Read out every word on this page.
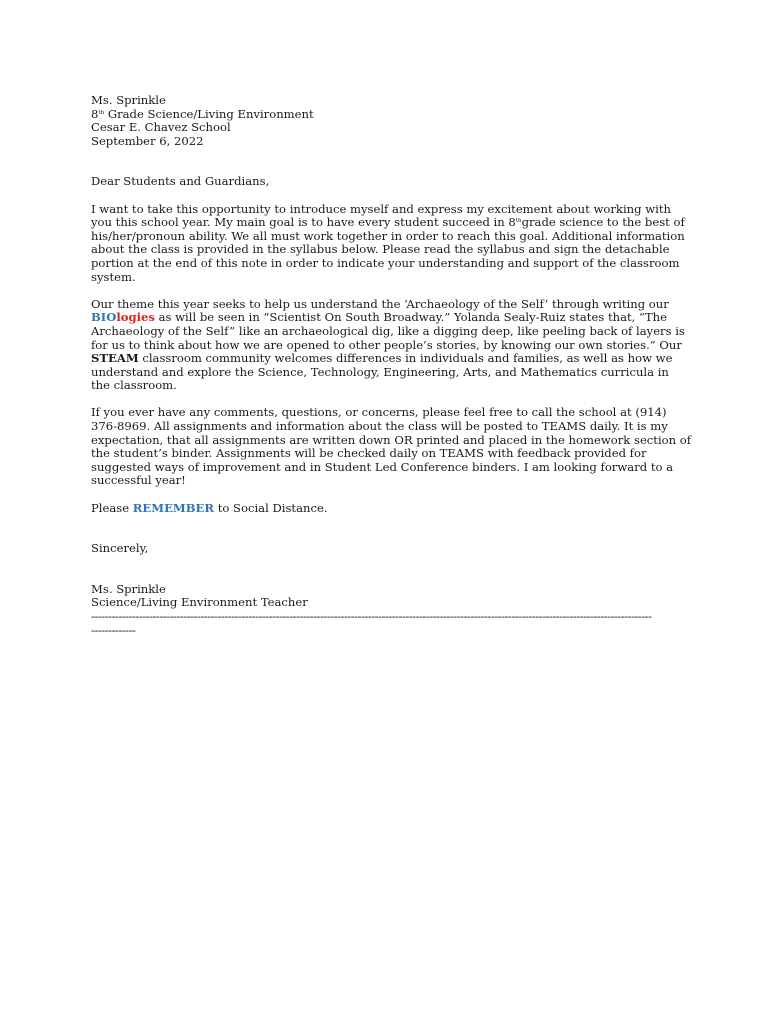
Ms. Sprinkle
8th Grade Science/Living Environment
Cesar E. Chavez School
September 6, 2022
Dear Students and Guardians,
I want to take this opportunity to introduce myself and express my excitement about working with
you this school year. My main goal is to have every student succeed in 8thgrade science to the best of
his/her/pronoun ability. We all must work together in order to reach this goal. Additional information
about the class is provided in the syllabus below. Please read the syllabus and sign the detachable
portion at the end of this note in order to indicate your understanding and support of the classroom
system.
Our theme this year seeks to help us understand the ‘Archaeology of the Self’ through writing our
BIOlogies as will be seen in “Scientist On South Broadway.” Yolanda Sealy-Ruiz states that, “The
Archaeology of the Self” like an archaeological dig, like a digging deep, like peeling back of layers is
for us to think about how we are opened to other people’s stories, by knowing our own stories.” Our
STEAM classroom community welcomes differences in individuals and families, as well as how we
understand and explore the Science, Technology, Engineering, Arts, and Mathematics curricula in
the classroom.
If you ever have any comments, questions, or concerns, please feel free to call the school at (914)
376-8969. All assignments and information about the class will be posted to TEAMS daily. It is my
expectation, that all assignments are written down OR printed and placed in the homework section of
the student’s binder. Assignments will be checked daily on TEAMS with feedback provided for
suggested ways of improvement and in Student Led Conference binders. I am looking forward to a
successful year!
Please REMEMBER to Social Distance.
Sincerely,
Ms. Sprinkle
Science/Living Environment Teacher
--------------------------------------------------------------------------------------------------------------------------------------------------------------------
-------------
